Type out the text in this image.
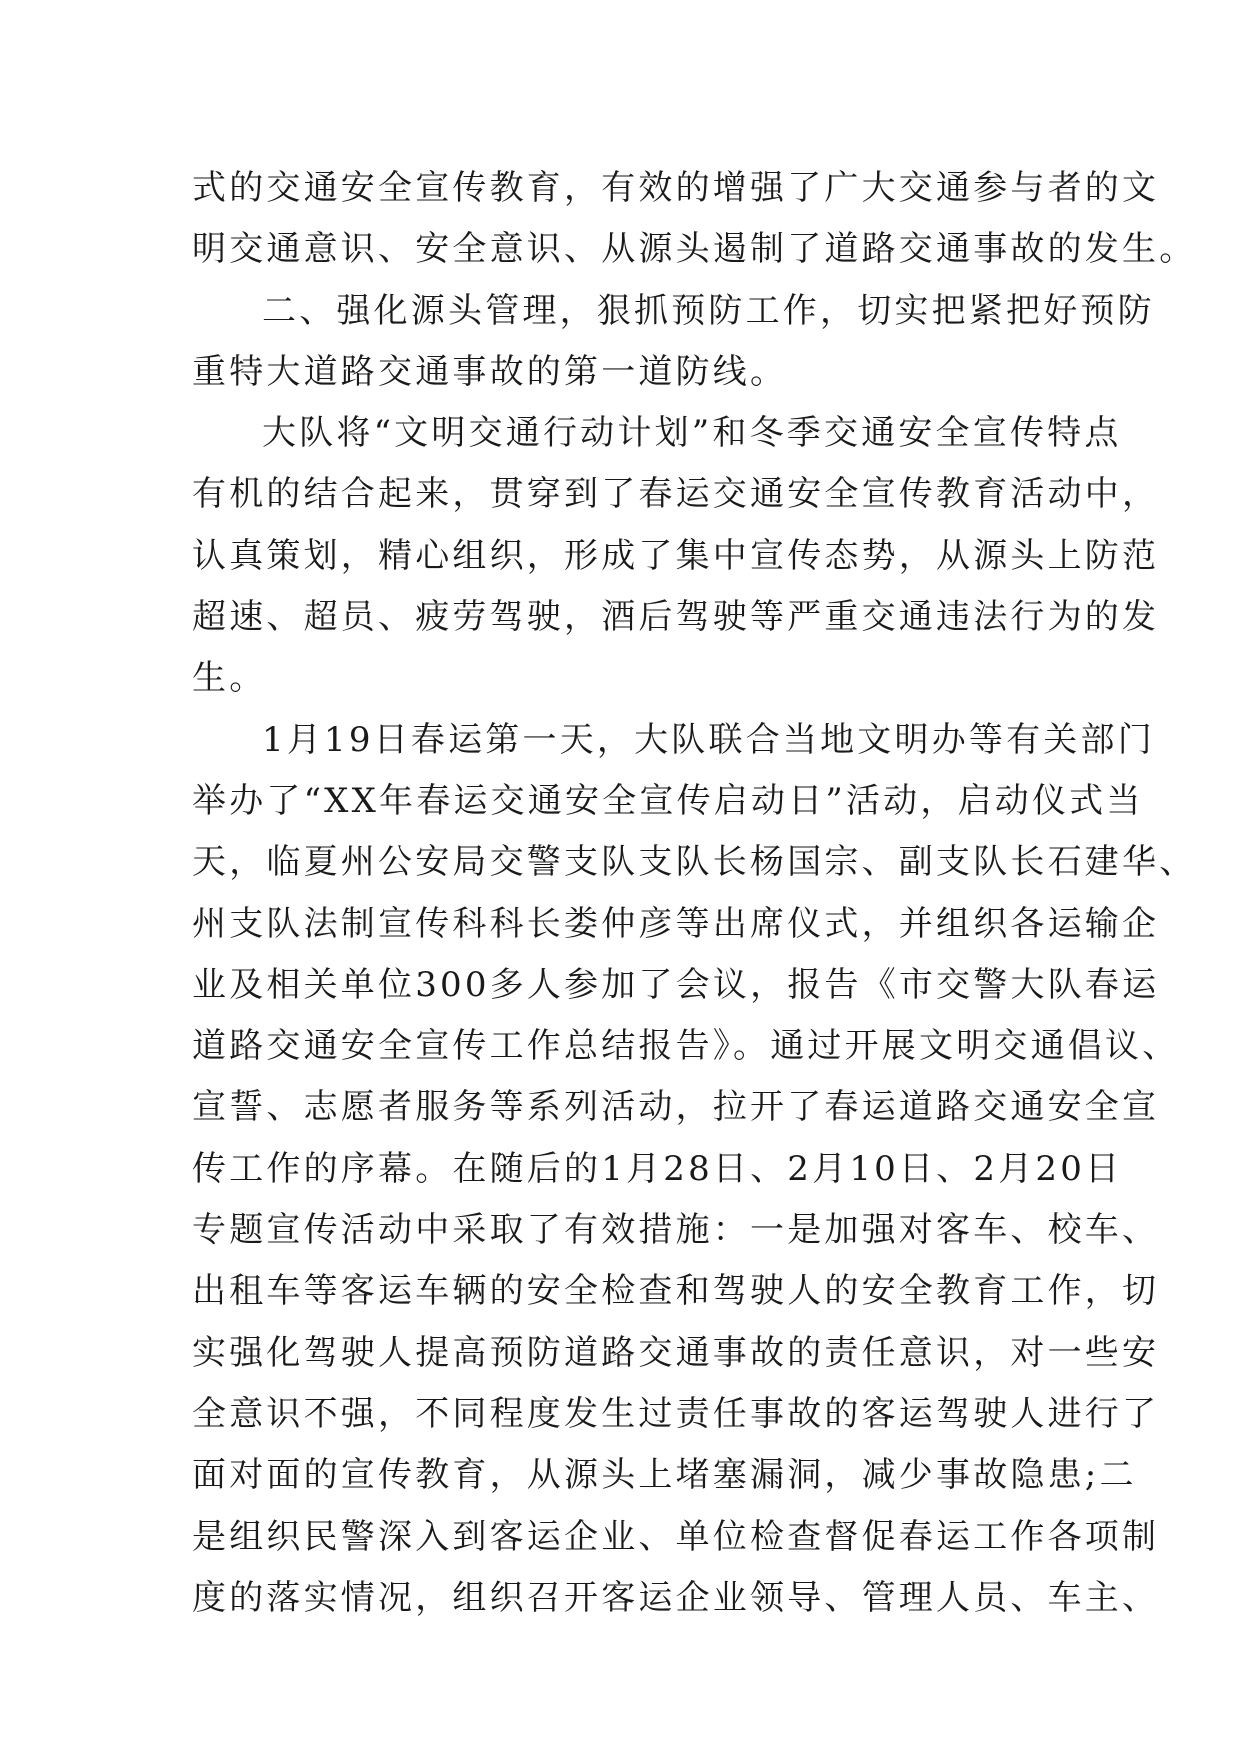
式的交通安全宣传教育，有效的增强了广大交通参与者的文
明交通意识、安全意识、从源头遏制了道路交通事故的发生。
二、强化源头管理，狠抓预防工作，切实把紧把好预防
重特大道路交通事故的第一道防线。
大队将“文明交通行动计划”和冬季交通安全宣传特点
有机的结合起来，贯穿到了春运交通安全宣传教育活动中，
认真策划，精心组织，形成了集中宣传态势，从源头上防范
超速、超员、疲劳驾驶，酒后驾驶等严重交通违法行为的发
生。
1月19日春运第一天，大队联合当地文明办等有关部门
举办了“XX年春运交通安全宣传启动日”活动，启动仪式当
天，临夏州公安局交警支队支队长杨国宗、副支队长石建华、
州支队法制宣传科科长娄仲彦等出席仪式，并组织各运输企
业及相关单位300多人参加了会议，报告《市交警大队春运
道路交通安全宣传工作总结报告》。通过开展文明交通倡议、
宣誓、志愿者服务等系列活动，拉开了春运道路交通安全宣
传工作的序幕。在随后的1月28日、2月10日、2月20日
专题宣传活动中采取了有效措施：一是加强对客车、校车、
出租车等客运车辆的安全检查和驾驶人的安全教育工作，切
实强化驾驶人提高预防道路交通事故的责任意识，对一些安
全意识不强，不同程度发生过责任事故的客运驾驶人进行了
面对面的宣传教育，从源头上堵塞漏洞，减少事故隐患;二
是组织民警深入到客运企业、单位检查督促春运工作各项制
度的落实情况，组织召开客运企业领导、管理人员、车主、
